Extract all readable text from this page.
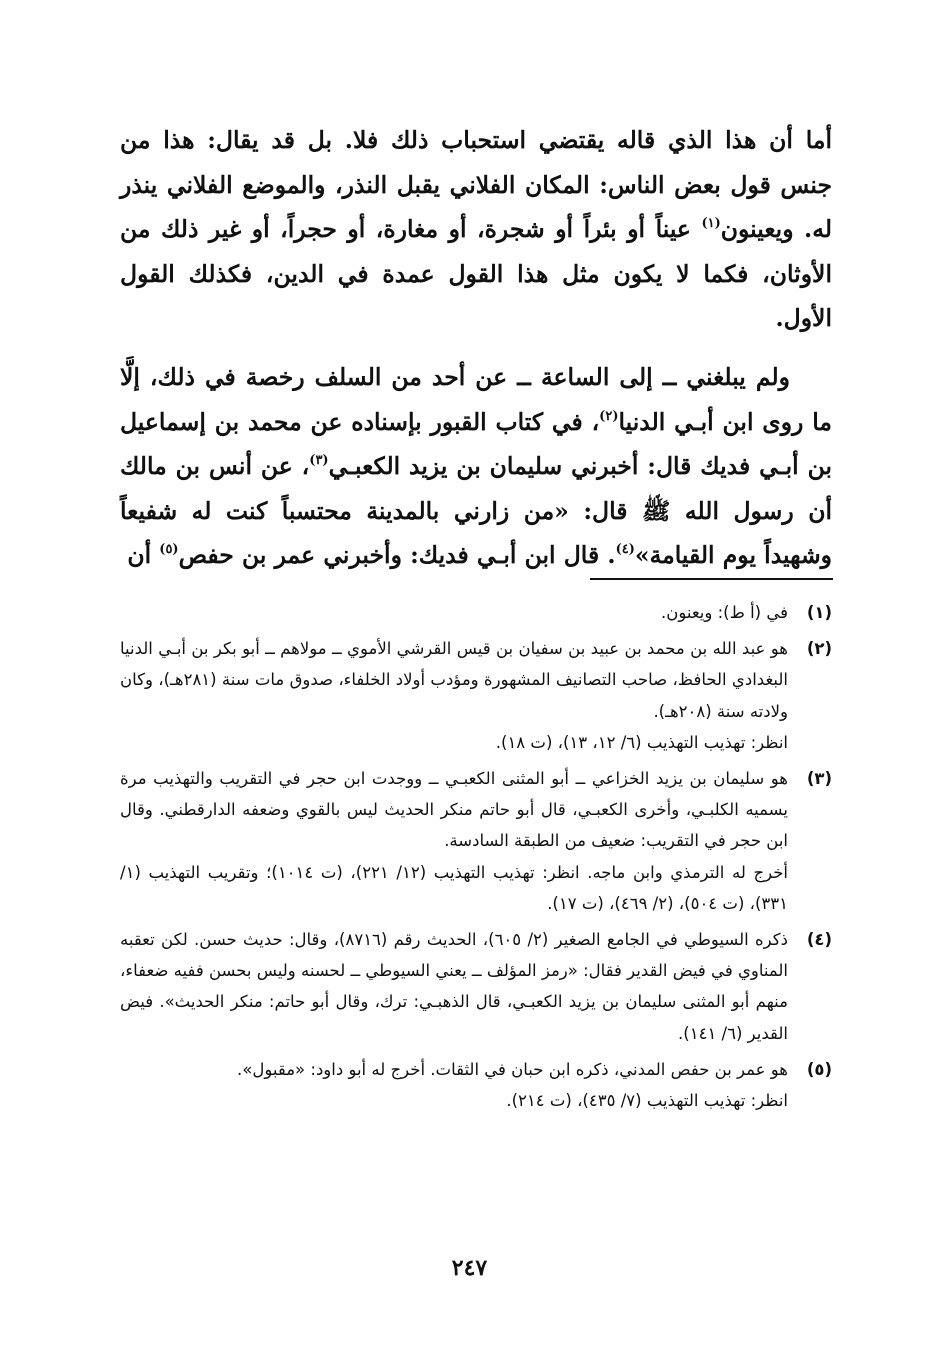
أما أن هذا الذي قاله يقتضي استحباب ذلك فلا. بل قد يقال: هذا من جنس قول بعض الناس: المكان الفلاني يقبل النذر، والموضع الفلاني ينذر له. ويعينون$^{(١)}$ عيناً أو بئراً أو شجرة، أو مغارة، أو حجراً، أو غير ذلك من الأوثان، فكما لا يكون مثل هذا القول عمدة في الدين، فكذلك القول الأول.

ولم يبلغني ــ إلى الساعة ــ عن أحد من السلف رخصة في ذلك، إلَّا ما روى ابن أبـي الدنيا$^{(٢)}$، في كتاب القبور بإسناده عن محمد بن إسماعيل بن أبـي فديك قال: أخبرني سليمان بن يزيد الكعبـي$^{(٣)}$، عن أنس بن مالك أن رسول الله ﷺ قال: «من زارني بالمدينة محتسباً كنت له شفيعاً وشهيداً يوم القيامة»$^{(٤)}$. قال ابن أبـي فديك: وأخبرني عمر بن حفص$^{(٥)}$ أن

(١)
في (أ ط): ويعنون.
(٢)
هو عبد الله بن محمد بن عبيد بن سفيان بن قيس القرشي الأموي ــ مولاهم ــ أبو بكر بن أبـي الدنيا البغدادي الحافظ، صاحب التصانيف المشهورة ومؤدب أولاد الخلفاء، صدوق مات سنة (٢٨١هـ)، وكان ولادته سنة (٢٠٨هـ).
انظر: تهذيب التهذيب (٦/ ١٢، ١٣)، (ت ١٨).
(٣)
هو سليمان بن يزيد الخزاعي ــ أبو المثنى الكعبـي ــ ووجدت ابن حجر في التقريب والتهذيب مرة يسميه الكلبـي، وأخرى الكعبـي، قال أبو حاتم منكر الحديث ليس بالقوي وضعفه الدارقطني. وقال ابن حجر في التقريب: ضعيف من الطبقة السادسة.
أخرج له الترمذي وابن ماجه. انظر: تهذيب التهذيب (١٢/ ٢٢١)، (ت ١٠١٤)؛ وتقريب التهذيب (١/ ٣٣١)، (ت ٥٠٤)، (٢/ ٤٦٩)، (ت ١٧).
(٤)
ذكره السيوطي في الجامع الصغير (٢/ ٦٠٥)، الحديث رقم (٨٧١٦)، وقال: حديث حسن. لكن تعقبه المناوي في فيض القدير فقال: «رمز المؤلف ــ يعني السيوطي ــ لحسنه وليس بحسن ففيه ضعفاء، منهم أبو المثنى سليمان بن يزيد الكعبـي، قال الذهبـي: ترك، وقال أبو حاتم: منكر الحديث». فيض القدير (٦/ ١٤١).
(٥)
هو عمر بن حفص المدني، ذكره ابن حبان في الثقات. أخرج له أبو داود: «مقبول».
انظر: تهذيب التهذيب (٧/ ٤٣٥)، (ت ٢١٤).
٢٤٧
